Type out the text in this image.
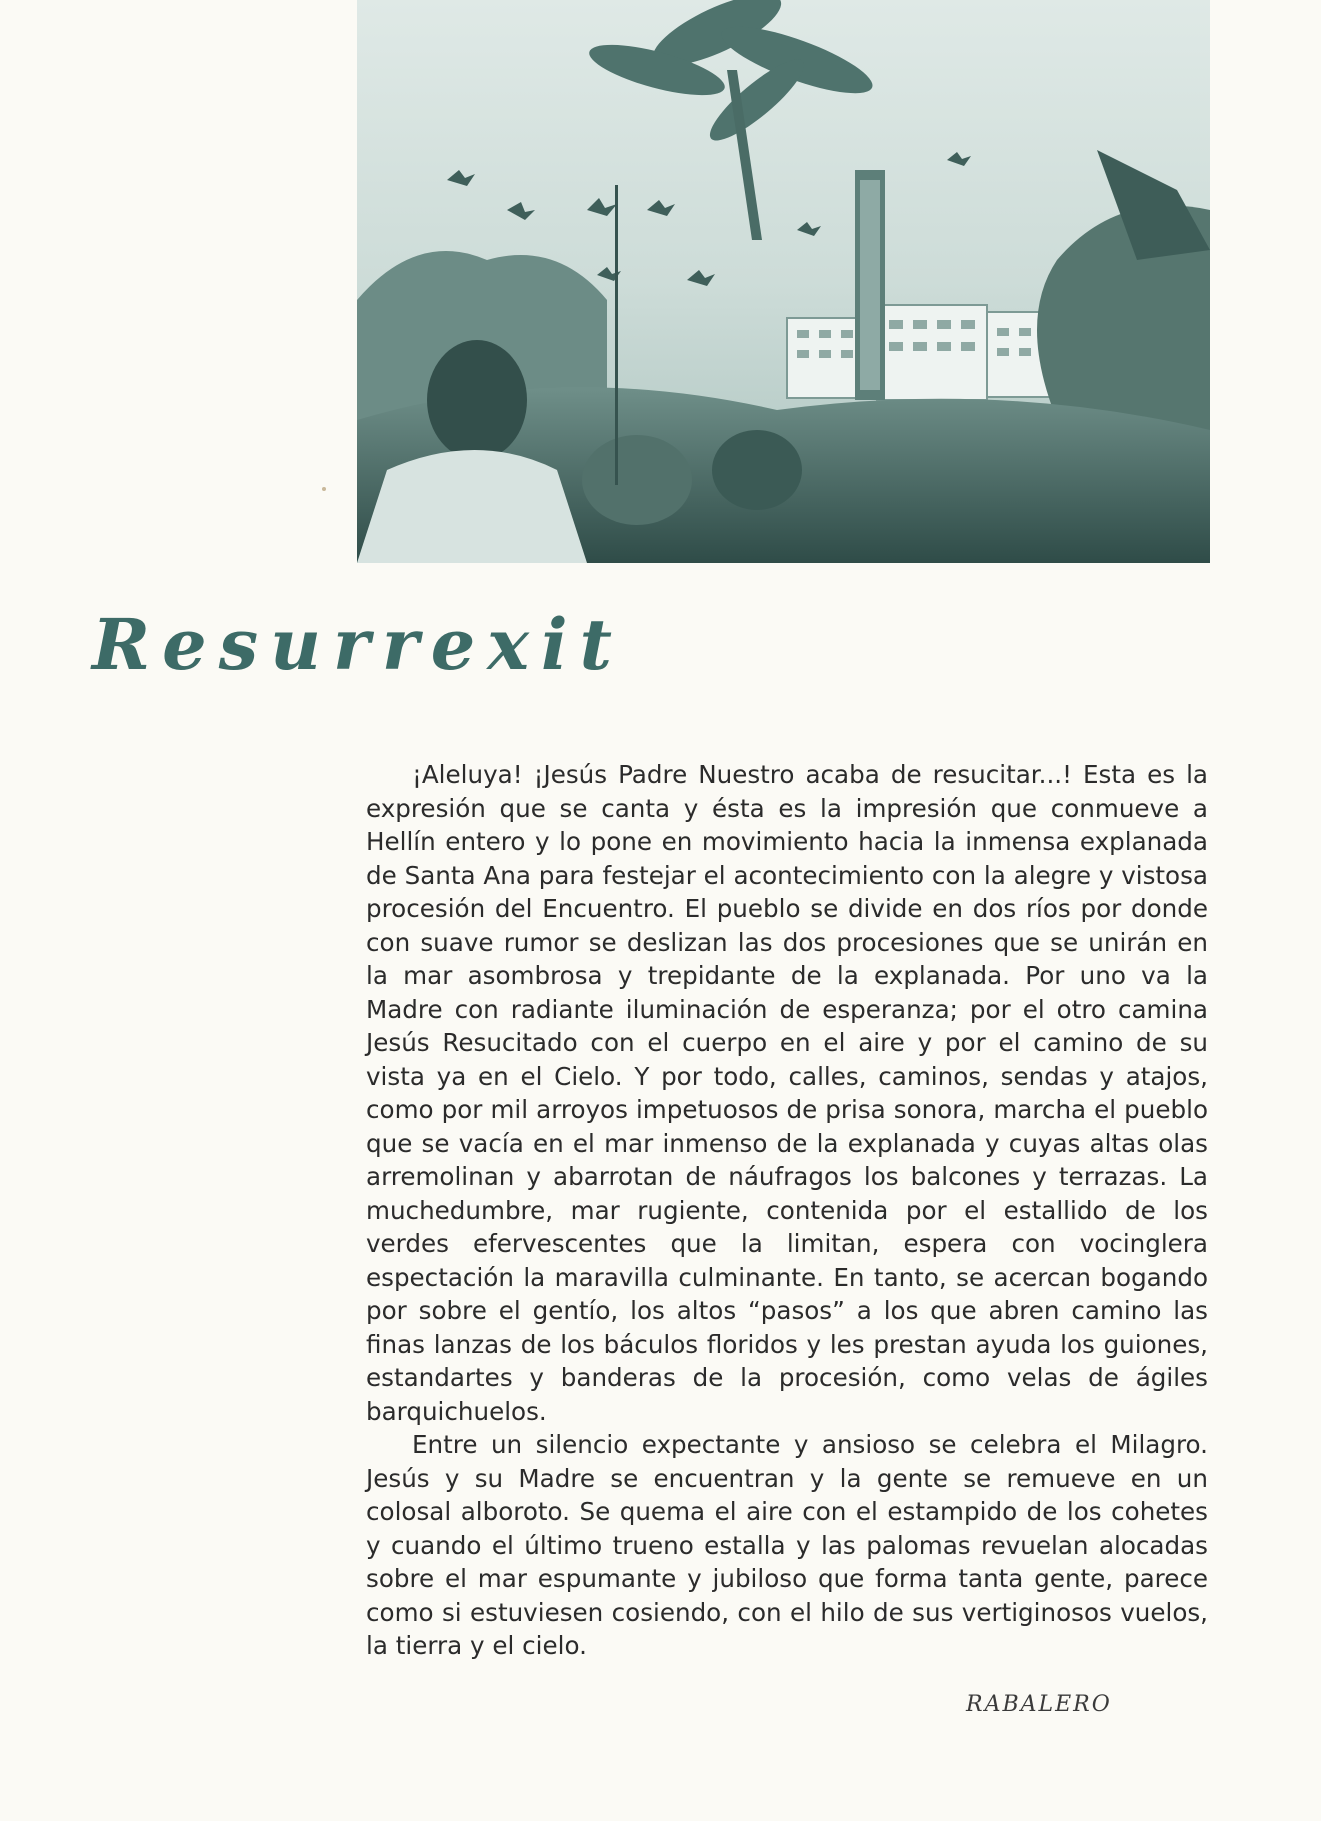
Resurrexit

¡Aleluya! ¡Jesús Padre Nuestro acaba de resucitar...! Esta es la expresión que se canta y ésta es la impresión que conmueve a Hellín entero y lo pone en movimiento hacia la inmensa explanada de Santa Ana para festejar el acontecimiento con la alegre y vistosa procesión del Encuentro. El pueblo se divide en dos ríos por donde con suave rumor se deslizan las dos procesiones que se unirán en la mar asombrosa y trepidante de la explanada. Por uno va la Madre con radiante iluminación de esperanza; por el otro camina Jesús Resucitado con el cuerpo en el aire y por el camino de su vista ya en el Cielo. Y por todo, calles, caminos, sendas y atajos, como por mil arroyos impetuosos de prisa sonora, marcha el pueblo que se vacía en el mar inmenso de la explanada y cuyas altas olas arremolinan y abarrotan de náufragos los balcones y terrazas. La muchedumbre, mar rugiente, contenida por el estallido de los verdes efervescentes que la limitan, espera con vocinglera espectación la maravilla culminante. En tanto, se acercan bogando por sobre el gentío, los altos “pasos” a los que abren camino las finas lanzas de los báculos floridos y les prestan ayuda los guiones, estandartes y banderas de la procesión, como velas de ágiles barquichuelos.

Entre un silencio expectante y ansioso se celebra el Milagro. Jesús y su Madre se encuentran y la gente se remueve en un colosal alboroto. Se quema el aire con el estampido de los cohetes y cuando el último trueno estalla y las palomas revuelan alocadas sobre el mar espumante y jubiloso que forma tanta gente, parece como si estuviesen cosiendo, con el hilo de sus vertiginosos vuelos, la tierra y el cielo.

RABALERO
